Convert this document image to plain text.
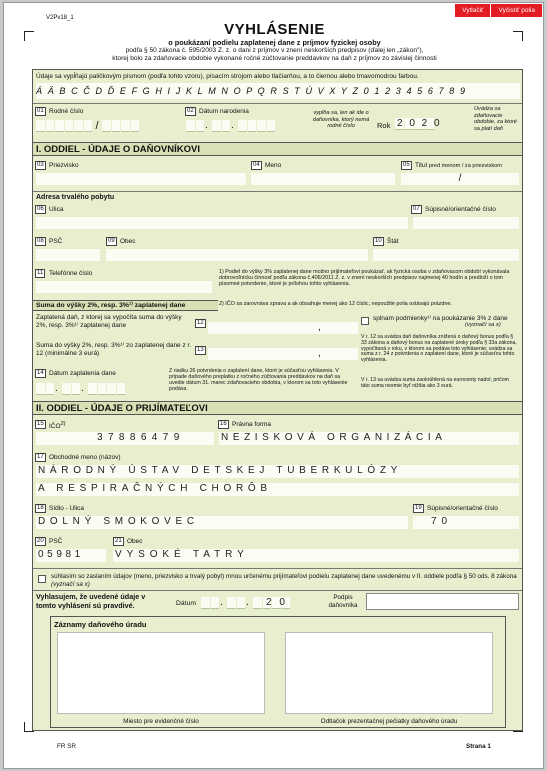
Vytlačiť	Vyčistiť polia
V2Pv18_1
VYHLÁSENIE
o poukázaní podielu zaplatenej dane z príjmov fyzickej osoby
podľa § 50 zákona č. 595/2003 Z. z. o dani z príjmov v znení neskorších predpisov (ďalej len „zákon"),
ktorej bolo za zdaňovacie obdobie vykonané ročné zúčtovanie preddavkov na daň z príjmov zo závislej činnosti
Údaje sa vypĺňajú paličkovým písmom (podľa tohto vzoru), písacím strojom alebo tlačiarňou, a to čiernou alebo tmavomodrou farbou.
Á Ä B C Č D Ď E F G H I J K L M N O P Q R S T Ú V X Y Z 0 1 2 3 4 5 6 7 8 9
01 Rodné číslo
/
02 Dátum narodenia
.	.
vypĺňa sa, len ak ide o daňovníka, ktorý nemá rodné číslo	Rok 2 0 2 0
Uvádza sa zdaňovacie obdobie, za ktoré sa platí daň
I. ODDIEL - ÚDAJE O DAŇOVNÍKOVI
03 Priezvisko	04 Meno	05 Titul pred menom / za priezviskom
/
Adresa trvalého pobytu
06 Ulica	07 Súpisné/orientačné číslo
08 PSČ	09 Obec	10 Štát
11 Telefónne číslo	1) Podiel do výšky 3% zaplatenej dane možno prijímateľovi poukázať, ak fyzická osoba v zdaňovacom období vykonávala dobrovoľnícku činnosť podľa zákona č.406/2011 Z. z. v znení neskorších predpisov najmenej 40 hodín a predloží o tom písomné potvrdenie, ktoré je prílohou tohto vyhlásenia.
2) IČO sa zarovnáva sprava a ak obsahuje menej ako 12 číslic, nepoužité polia ostávajú prázdne.
Suma do výšky 2%, resp. 3%¹⁾ zaplatenej dane
Zaplatená daň, z ktorej sa vypočíta suma do výšky 2%, resp. 3%¹⁾ zaplatenej dane	12	,
splnam podmienky¹⁾ na poukázanie 3% z dane
(vyznačí sa x)
Suma do výšky 2%, resp. 3%¹⁾ zo zaplatenej dane z r. 12 (minimálne 3 eurá)	13	,
V r. 12 sa uvádza daň daňovníka znížená o daňový bonus podľa § 33 zákona a daňový bonus na zaplatené úroky podľa § 33a zákona, vypočítaná v roku, v ktorom sa podáva toto vyhlásenie; uvádza sa suma z r. 24 z potvrdenia o zaplatení dane, ktoré je súčasťou tohto vyhlásenia.
14 Dátum zaplatenia dane
.	.
Z riadku 26 potvrdenia o zaplatení dane, ktoré je súčasťou vyhlásenia. V prípade daňového preplatku z ročného zúčtovania preddavkov na daň sa uvedie dátum 31. marec zdaňovacieho obdobia, v ktorom sa toto vyhlásenie podáva.
V r. 13 sa uvádza suma zaokrúhlená na eurocenty nadol, pričom táto suma nesmie byť nižšia ako 3 eurá.
II. ODDIEL - ÚDAJE O PRIJÍMATEĽOVI
15 IČO$^{2)}$
37886479
16 Právna forma
NEZISKOVÁ ORGANIZÁCIA
17 Obchodné meno (názov)
NÁRODNÝ ÚSTAV DETSKEJ TUBERKULÓZY
A RESPIRAČNÝCH CHORÔB
18 Sídlo - Ulica
DOLNÝ SMOKOVEC
19 Súpisné/orientačné číslo
70
20 PSČ
05981
21 Obec
VYSOKÉ TATRY
súhlasím so zaslaním údajov (meno, priezvisko a trvalý pobyt) mnou určenému prijímateľovi podielu zaplatenej dane uvedenému v II. oddiele podľa § 50 ods. 8 zákona (vyznačí sa x)
Vyhlasujem, že uvedené údaje v tomto vyhlásení sú pravdivé.	Dátum .	.	2 0	Podpis daňovníka
Záznamy daňového úradu
Miesto pre evidenčné číslo	Odtlačok prezentačnej pečiatky daňového úradu
FR SR	Strana 1
